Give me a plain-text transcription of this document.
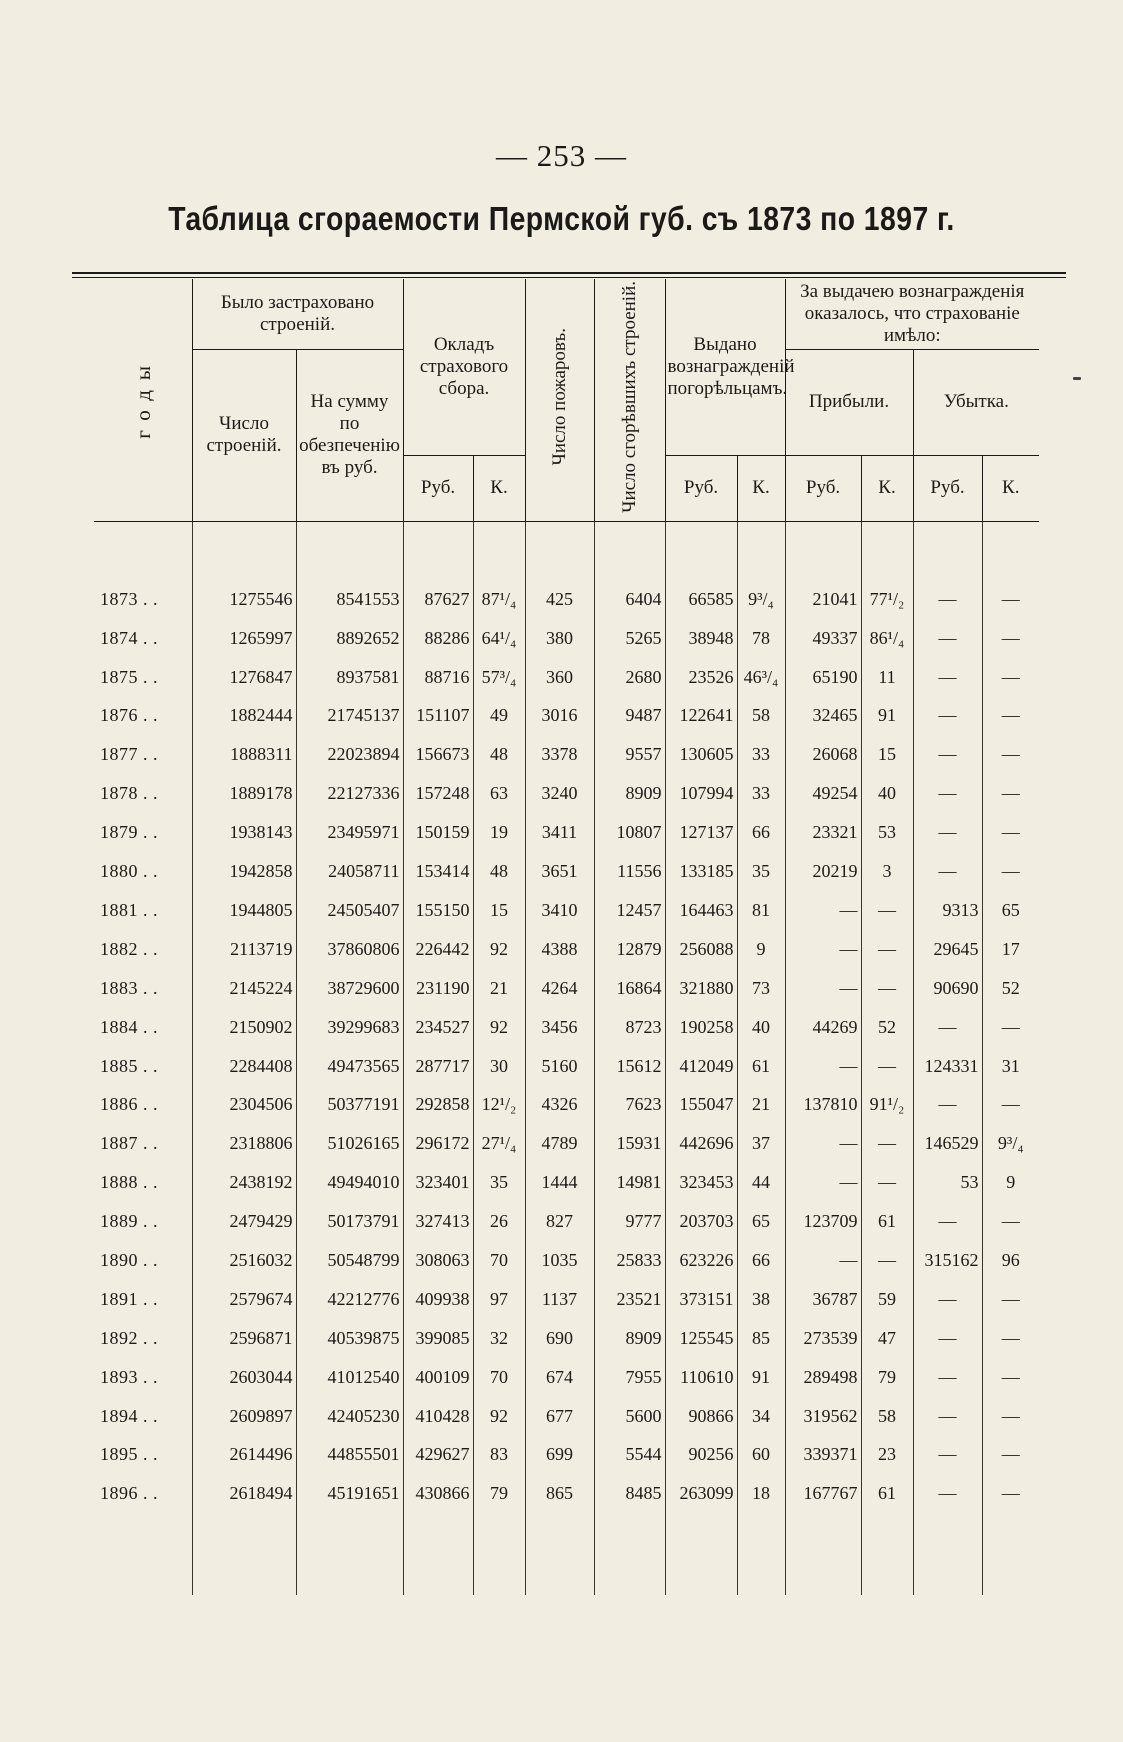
— 253 —
Таблица сгораемости Пермской губ. съ 1873 по 1897 г.
годы	Было застраховано строеній.		Окладъ страхового сбора.		Число пожаровъ.	Число сгорѣвшихъ строеній.	Выдано вознагражденій погорѣльцамъ.		За выдачею вознагражденія оказалось, что страхованіе имѣло:			
	Число строеній.	На сумму по обезпеченію въ руб.							Прибыли.		Убытка.	
			Руб.	К.			Руб.	К.	Руб.	К.	Руб.	К.

1873 . .	1275546	8541553	87627	87¹/₄	425	6404	66585	9³/₄	21041	77¹/₂	—	—
1874 . .	1265997	8892652	88286	64¹/₄	380	5265	38948	78	49337	86¹/₄	—	—
1875 . .	1276847	8937581	88716	57³/₄	360	2680	23526	46³/₄	65190	11	—	—
1876 . .	1882444	21745137	151107	49	3016	9487	122641	58	32465	91	—	—
1877 . .	1888311	22023894	156673	48	3378	9557	130605	33	26068	15	—	—
1878 . .	1889178	22127336	157248	63	3240	8909	107994	33	49254	40	—	—
1879 . .	1938143	23495971	150159	19	3411	10807	127137	66	23321	53	—	—
1880 . .	1942858	24058711	153414	48	3651	11556	133185	35	20219	3	—	—
1881 . .	1944805	24505407	155150	15	3410	12457	164463	81	—	—	9313	65
1882 . .	2113719	37860806	226442	92	4388	12879	256088	9	—	—	29645	17
1883 . .	2145224	38729600	231190	21	4264	16864	321880	73	—	—	90690	52
1884 . .	2150902	39299683	234527	92	3456	8723	190258	40	44269	52	—	—
1885 . .	2284408	49473565	287717	30	5160	15612	412049	61	—	—	124331	31
1886 . .	2304506	50377191	292858	12¹/₂	4326	7623	155047	21	137810	91¹/₂	—	—
1887 . .	2318806	51026165	296172	27¹/₄	4789	15931	442696	37	—	—	146529	9³/₄
1888 . .	2438192	49494010	323401	35	1444	14981	323453	44	—	—	53	9
1889 . .	2479429	50173791	327413	26	827	9777	203703	65	123709	61	—	—
1890 . .	2516032	50548799	308063	70	1035	25833	623226	66	—	—	315162	96
1891 . .	2579674	42212776	409938	97	1137	23521	373151	38	36787	59	—	—
1892 . .	2596871	40539875	399085	32	690	8909	125545	85	273539	47	—	—
1893 . .	2603044	41012540	400109	70	674	7955	110610	91	289498	79	—	—
1894 . .	2609897	42405230	410428	92	677	5600	90866	34	319562	58	—	—
1895 . .	2614496	44855501	429627	83	699	5544	90256	60	339371	23	—	—
1896 . .	2618494	45191651	430866	79	865	8485	263099	18	167767	61	—	—
